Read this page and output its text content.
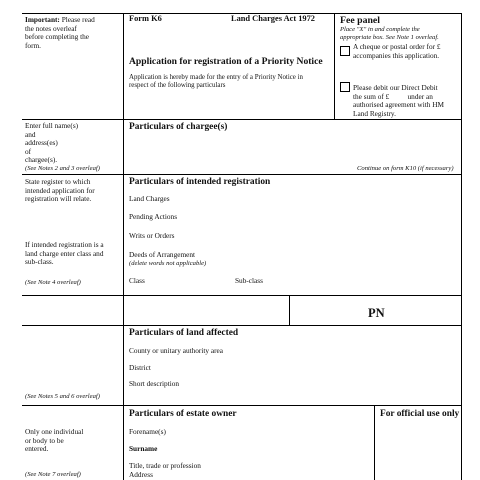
Important: Please read
the notes overleaf
before completing the
form.
Enter full name(s)
and
address(es)
of
chargee(s).
(See Notes 2 and 3 overleaf)
State register to which
intended application for
registration will relate.
If intended registration is a
land charge enter class and
sub-class.
(See Note 4 overleaf)
(See Notes 5 and 6 overleaf)
Only one individual
or body to be
entered.
(See Note 7 overleaf)
Form K6	Land Charges Act 1972
Application for registration of a Priority Notice
Application is hereby made for the entry of a Priority Notice in
respect of the following particulars
Fee panel
Place "X" in and complete the
appropriate box. See Note 1 overleaf.
A cheque or postal order for £
accompanies this application.
Please debit our Direct Debit
the sum of £          under an
authorised agreement with HM
Land Registry.
Particulars of chargee(s)
Continue on form K10 (if necessary)
Particulars of intended registration
Land Charges
Pending Actions
Writs or Orders
Deeds of Arrangement
(delete words not applicable)
Class	Sub-class
PN
Particulars of land affected
County or unitary authority area
District
Short description
Particulars of estate owner
Forename(s)
Surname
Title, trade or profession
Address
For official use only
